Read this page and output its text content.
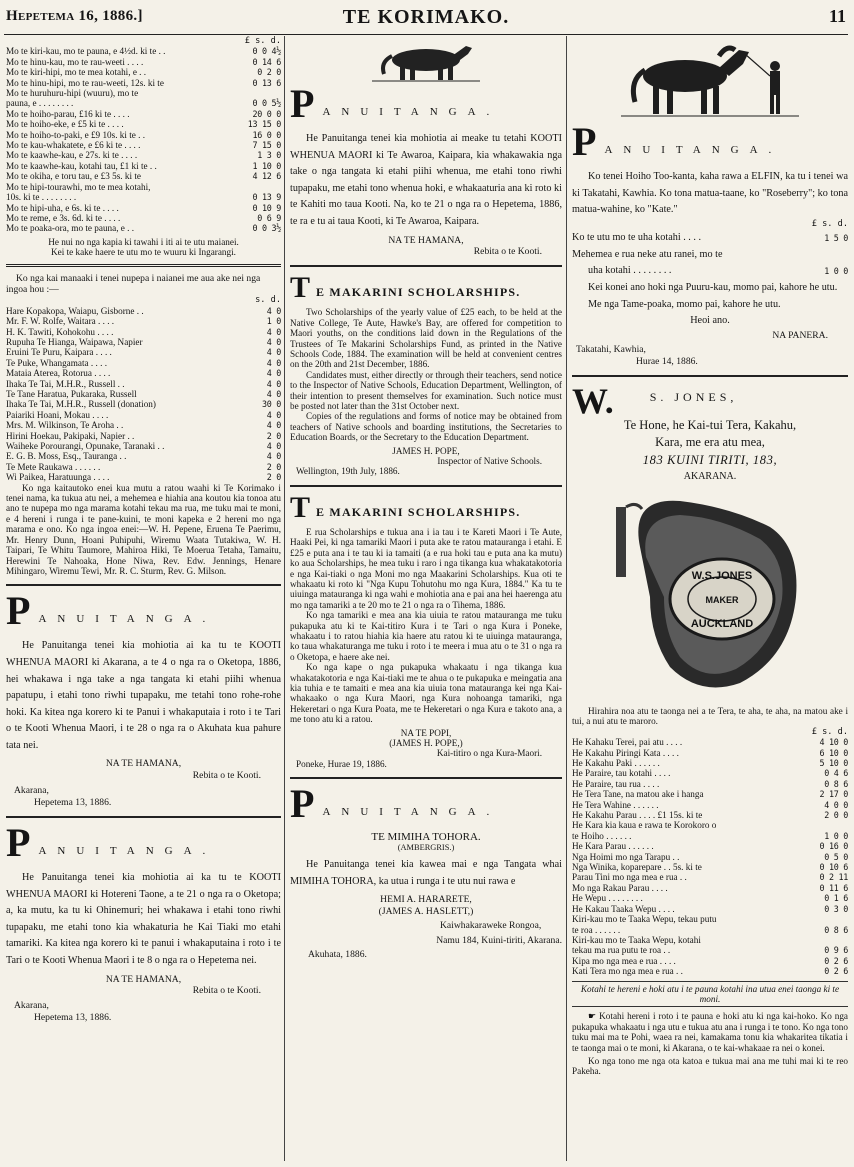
Hepetema 16, 1886.]	TE KORIMAKO.	11
£ s. d.
Mo te kiri-kau, mo te pauna, e 4½d. ki te . .	0 0 4½
Mo te hinu-kau, mo te rau-weeti . . . .	0 14 6
Mo te kiri-hipi, mo te mea kotahi, e . .	0 2 0
Mo te hinu-hipi, mo te rau-weeti, 12s. ki te	0 13 6
Mo te huruhuru-hipi (wuuru), mo te
pauna, e . . . . . . . .	0 0 5½
Mo te hoiho-parau, £16 ki te . . . .	20 0 0
Mo te hoiho-eke, e £5 ki te . . . .	13 15 0
Mo te hoiho-to-paki, e £9 10s. ki te . .	16 0 0
Mo te kau-whakatete, e £6 ki te . . . .	7 15 0
Mo te kaawhe-kau, e 27s. ki te . . . .	1 3 0
Mo te kaawhe-kau, kotahi tau, £1 ki te . .	1 10 0
Mo te okiha, e toru tau, e £3 5s. ki te	4 12 6
Mo te hipi-tourawhi, mo te mea kotahi,
10s. ki te . . . . . . . .	0 13 9
Mo te hipi-uha, e 6s. ki te . . . .	0 10 9
Mo te reme, e 3s. 6d. ki te . . . .	0 6 9
Mo te poaka-ora, mo te pauna, e . .	0 0 3½

He nui no nga kapia ki tawahi i iti ai te utu maianei.

Kei te kake haere te utu mo te wuuru ki Ingarangi.

Ko nga kai manaaki i tenei nupepa i naianei me aua ake nei nga ingoa hou :—

s. d.
Hare Kopakopa, Waiapu, Gisborne . .	4 0
Mr. F. W. Rolfe, Waitara . . . .	1 0
H. K. Tawiti, Kohokohu . . . .	4 0
Rupuha Te Hianga, Waipawa, Napier	4 0
Eruini Te Puru, Kaipara . . . .	4 0
Te Puke, Whangamata . . . .	4 0
Mataia Aterea, Rotorua . . . .	4 0
Ihaka Te Tai, M.H.R., Russell . .	4 0
Te Tane Haratua, Pukaraka, Russell	4 0
Ihaka Te Tai, M.H.R., Russell (donation)	30 0
Paiariki Hoani, Mokau . . . .	4 0
Mrs. M. Wilkinson, Te Aroha . .	4 0
Hirini Hoekau, Pakipaki, Napier . .	2 0
Waiheke Porourangi, Opunake, Taranaki . .	4 0
E. G. B. Moss, Esq., Tauranga . .	4 0
Te Mete Raukawa . . . . . .	2 0
Wi Paikea, Haratuunga . . . .	2 0

Ko nga kaitautoko enei kua mutu a ratou waahi ki Te Korimako i tenei nama, ka tukua atu nei, a mehemea e hiahia ana koutou kia tonoa atu ano te nupepa mo nga marama kotahi tekau ma rua, me tuku mai te moni, e 4 hereni i runga i te pane-kuini, te moni kapeka e 2 hereni mo nga marama e ono. Ko nga ingoa enei:—W. H. Pepene, Eruena Te Paerimu, Mr. Henry Dunn, Hoani Puhipuhi, Wiremu Waata Tutakiwa, W. H. Taipari, Te Whitu Taumore, Mahiroa Hiki, Te Moerua Tetaha, Tamaitu, Herewini Te Nahoaka, Hone Niwa, Rev. Edw. Jennings, Henare Mihingaro, Wiremu Tewi, Mr. R. C. Sturm, Rev. G. Milson.

P ANUITANGA.

He Panuitanga tenei kia mohiotia ai ka tu te KOOTI WHENUA MAORI ki Akarana, a te 4 o nga ra o Oketopa, 1886, hei whakawa i nga take a nga tangata ki etahi piihi whenua papatupu, i etahi tono riwhi tupapaku, me tetahi tono rohe-rohe hoki. Ka kitea nga korero ki te Panui i whakaputaia i roto i te Tari o te Kooti Whenua Maori, i te 28 o nga ra o Akuhata kua pahure tata nei.

NA TE HAMANA,

Rebita o te Kooti.

Akarana,

Hepetema 13, 1886.

P ANUITANGA.

He Panuitanga tenei kia mohiotia ai ka tu te KOOTI WHENUA MAORI ki Hotereni Taone, a te 21 o nga ra o Oketopa; a, ka mutu, ka tu ki Ohinemuri; hei whakawa i etahi tono riwhi tupapaku, me etahi tono kia whakaturia he Kai Tiaki mo etahi tamariki. Ka kitea nga korero ki te panui i whakaputaina i roto i te Tari o te Kooti Whenua Maori i te 8 o nga ra o Hepetema nei.

NA TE HAMANA,

Rebita o te Kooti.

Akarana,

Hepetema 13, 1886.

P ANUITANGA.

He Panuitanga tenei kia mohiotia ai meake tu tetahi KOOTI WHENUA MAORI ki Te Awaroa, Kaipara, kia whakawakia nga take o nga tangata ki etahi piihi whenua, me etahi tono riwhi tupapaku, me etahi tono whenua hoki, e whakaaturia ana ki roto ki te Kahiti mo taua Kooti. Na, ko te 21 o nga ra o Hepetema, 1886, te ra e tu ai taua Kooti, ki Te Awaroa, Kaipara.

NA TE HAMANA,

Rebita o te Kooti.

T E MAKARINI SCHOLARSHIPS.

Two Scholarships of the yearly value of £25 each, to be held at the Native College, Te Aute, Hawke's Bay, are offered for competition to Maori youths, on the conditions laid down in the Regulations of the Trustees of Te Makarini Scholarships Fund, as printed in the Native Schools Code, 1884. The examination will be held at convenient centres on the 20th and 21st December, 1886.

Candidates must, either directly or through their teachers, send notice to the Inspector of Native Schools, Education Department, Wellington, of their intention to present themselves for examination. Such notice must be posted not later than the 31st October next.

Copies of the regulations and forms of notice may be obtained from teachers of Native schools and boarding institutions, the Secretaries to Education Boards, or the Secretary to the Education Department.

JAMES H. POPE,

Inspector of Native Schools.

Wellington, 19th July, 1886.

T E MAKARINI SCHOLARSHIPS.

E rua Scholarships e tukua ana i ia tau i te Kareti Maori i Te Aute, Haaki Pei, ki nga tamariki Maori i puta ake te ratou matauranga i etahi. E £25 e puta ana i te tau ki ia tamaiti (a e rua hoki tau e puta ana ka mutu) ko aua Scholarships, he mea tuku i raro i nga tikanga kua whakatakotoria e nga Kai-tiaki o nga Moni mo nga Maakarini Scholarships. Kua oti te whakaatu ki roto ki "Nga Kupu Tohutohu mo nga Kura, 1884." Ka tu te uiuinga matauranga ki nga wahi e mohiotia ana e pai ana hei haerenga atu mo nga tamariki a te 20 mo te 21 o nga ra o Tihema, 1886.

Ko nga tamariki e mea ana kia uiuia te ratou matauranga me tuku pukapuka atu ki te Kai-titiro Kura i te Tari o nga Kura i Poneke, whakaatu i to ratou hiahia kia haere atu ratou ki te uiuinga matauranga, ko taua whakaturanga me tuku i roto i te meera i mua atu o te 31 o nga ra o Oketopa, e haere ake nei.

Ko nga kape o nga pukapuka whakaatu i nga tikanga kua whakatakotoria e nga Kai-tiaki me te ahua o te pukapuka e meingatia ana kia tuhia e te tamaiti e mea ana kia uiuia tona matauranga kei nga Kai-whakaako o nga Kura Maori, nga Kura nohoanga tamariki, nga Hekeretari o nga Kura Poata, me te Hekeretari o nga Kura e takoto ana, a me tono atu ki a ratou.

NA TE POPI,

(JAMES H. POPE,)

Kai-titiro o nga Kura-Maori.

Poneke, Hurae 19, 1886.

P ANUITANGA.

TE MIMIHA TOHORA.

(AMBERGRIS.)

He Panuitanga tenei kia kawea mai e nga Tangata whai MIMIHA TOHORA, ka utua i runga i te utu nui rawa e

HEMI A. HARARETE,

(JAMES A. HASLETT,)

Kaiwhakaraweke Rongoa,

Namu 184, Kuini-tiriti, Akarana.

Akuhata, 1886.

P ANUITANGA.

Ko tenei Hoiho Too-kanta, kaha rawa a ELFIN, ka tu i tenei wa ki Takatahi, Kawhia. Ko tona matua-taane, ko "Roseberry"; ko tona matua-wahine, ko "Kate."

£ s. d.
Ko te utu mo te uha kotahi . . . .	1 5 0

Mehemea e rua neke atu ranei, mo te

uha kotahi . . . . . . . .	1 0 0

Kei konei ano hoki nga Puuru-kau, momo pai, kahore he utu.

Me nga Tame-poaka, momo pai, kahore he utu.

Heoi ano.

NA PANERA.

Takatahi, Kawhia,

Hurae 14, 1886.

W.	S. JONES,

Te Hone, he Kai-tui Tera, Kakahu,

Kara, me era atu mea,

183 KUINI TIRITI, 183,

AKARANA.

W.S.JONES
MAKER
AUCKLAND

Hirahira noa atu te taonga nei a te Tera, te aha, te aha, na matou ake i tui, a nui atu te maroro.

£ s. d.
He Kahaku Terei, pai atu . . . .	4 10 0
He Kakahu Piringi Kata . . . .	6 10 0
He Kakahu Paki . . . . . .	5 10 0
He Paraire, tau kotahi . . . .	0 4 6
He Paraire, tau rua . . . .	0 8 6
He Tera Tane, na matou ake i hanga	2 17 0
He Tera Wahine . . . . . .	4 0 0
He Kakahu Parau . . . . £1 15s. ki te	2 0 0
He Kara kia kaua e rawa te Korokoro o
te Hoiho . . . . . .	1 0 0
He Kara Parau . . . . . .	0 16 0
Nga Hoimi mo nga Tarapu . .	0 5 0
Nga Winika, koparepare . . 5s. ki te	0 10 6
Parau Tini mo nga mea e rua . .	0 2 11
Mo nga Rakau Parau . . . .	0 11 6
He Wepu . . . . . . . .	0 1 6
He Kakau Taaka Wepu . . . .	0 3 0
Kiri-kau mo te Taaka Wepu, tekau putu
te roa . . . . . .	0 8 6
Kiri-kau mo te Taaka Wepu, kotahi
tekau ma rua putu te roa . .	0 9 6
Kipa mo nga mea e rua . . . .	0 2 6
Kati Tera mo nga mea e rua . .	0 2 6

Kotahi te hereni e hoki atu i te pauna kotahi ina utua enei taonga ki te moni.

☛ Kotahi hereni i roto i te pauna e hoki atu ki nga kai-hoko. Ko nga pukapuka whakaatu i nga utu e tukua atu ana i runga i te tono. Ko nga tono tuku mai ma te Pohi, waea ra nei, kamakama tonu kia whakaritea tikatia i te taonga mai o te moni, ki Akarana, o te kai-whakaae ra nei o konei.

Ko nga tono me nga ota katoa e tukua mai ana me tuhi mai ki te reo Pakeha.
